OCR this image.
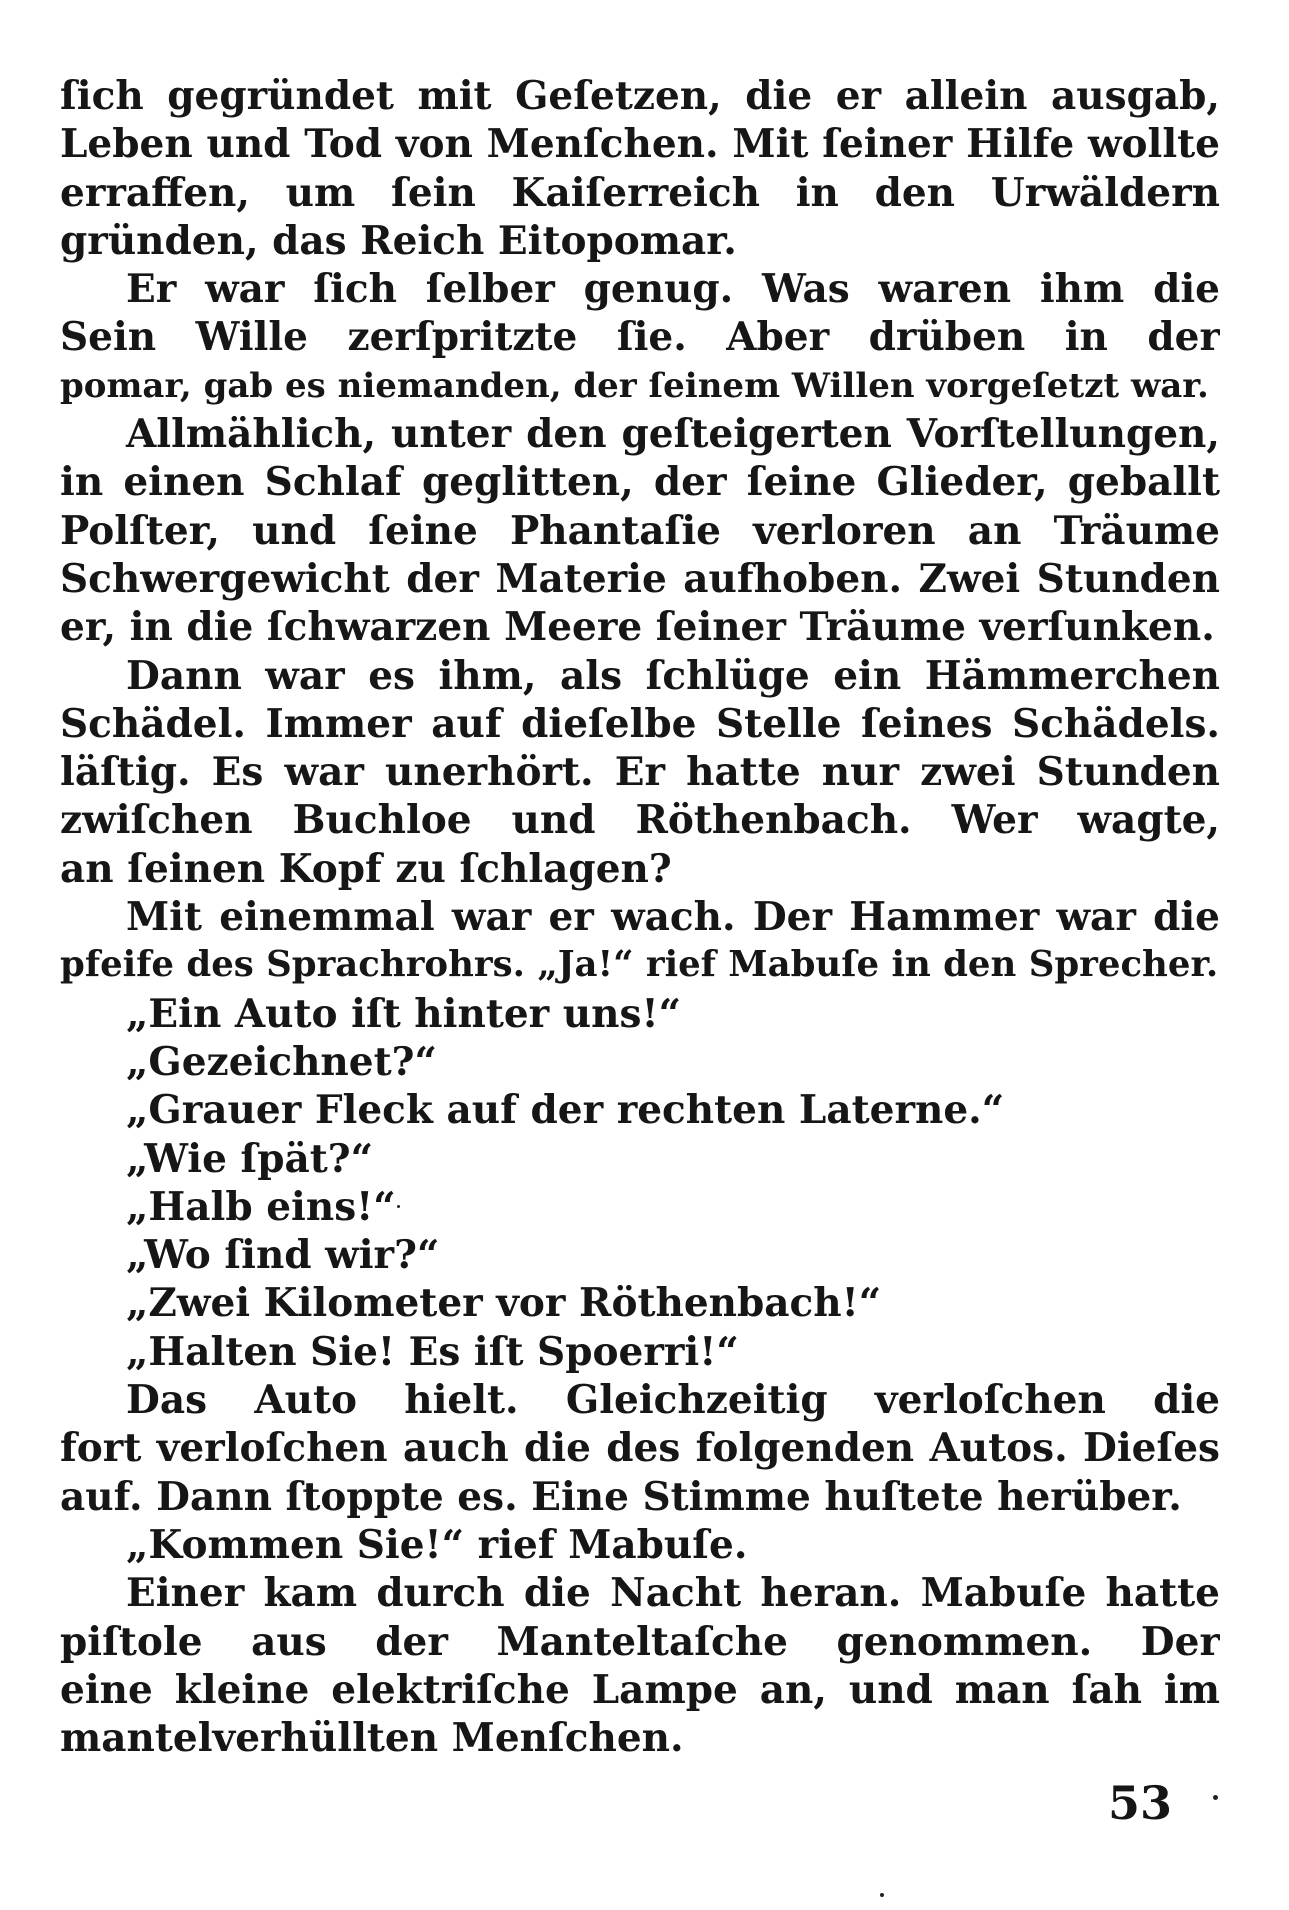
ſich gegründet mit Geſetzen, die er allein ausgab,
Leben und Tod von Menſchen. Mit ſeiner Hilfe wollte
erraffen, um ſein Kaiſerreich in den Urwäldern
gründen, das Reich Eitopomar.
Er war ſich ſelber genug. Was waren ihm die
Sein Wille zerſpritzte ſie. Aber drüben in der
pomar, gab es niemanden, der ſeinem Willen vorgeſetzt war.
Allmählich, unter den geſteigerten Vorſtellungen,
in einen Schlaf geglitten, der ſeine Glieder, geballt
Polſter, und ſeine Phantaſie verloren an Träume
Schwergewicht der Materie aufhoben. Zwei Stunden
er, in die ſchwarzen Meere ſeiner Träume verſunken.
Dann war es ihm, als ſchlüge ein Hämmerchen
Schädel. Immer auf dieſelbe Stelle ſeines Schädels.
läſtig. Es war unerhört. Er hatte nur zwei Stunden
zwiſchen Buchloe und Röthenbach. Wer wagte,
an ſeinen Kopf zu ſchlagen?
Mit einemmal war er wach. Der Hammer war die
pfeife des Sprachrohrs. „Ja!“ rief Mabuſe in den Sprecher.
„Ein Auto iſt hinter uns!“
„Gezeichnet?“
„Grauer Fleck auf der rechten Laterne.“
„Wie ſpät?“
„Halb eins!“
„Wo ſind wir?“
„Zwei Kilometer vor Röthenbach!“
„Halten Sie! Es iſt Spoerri!“
Das Auto hielt. Gleichzeitig verloſchen die
fort verloſchen auch die des folgenden Autos. Dieſes
auf. Dann ſtoppte es. Eine Stimme huſtete herüber.
„Kommen Sie!“ rief Mabuſe.
Einer kam durch die Nacht heran. Mabuſe hatte
piſtole aus der Manteltaſche genommen. Der
eine kleine elektriſche Lampe an, und man ſah im
mantelverhüllten Menſchen.
53
